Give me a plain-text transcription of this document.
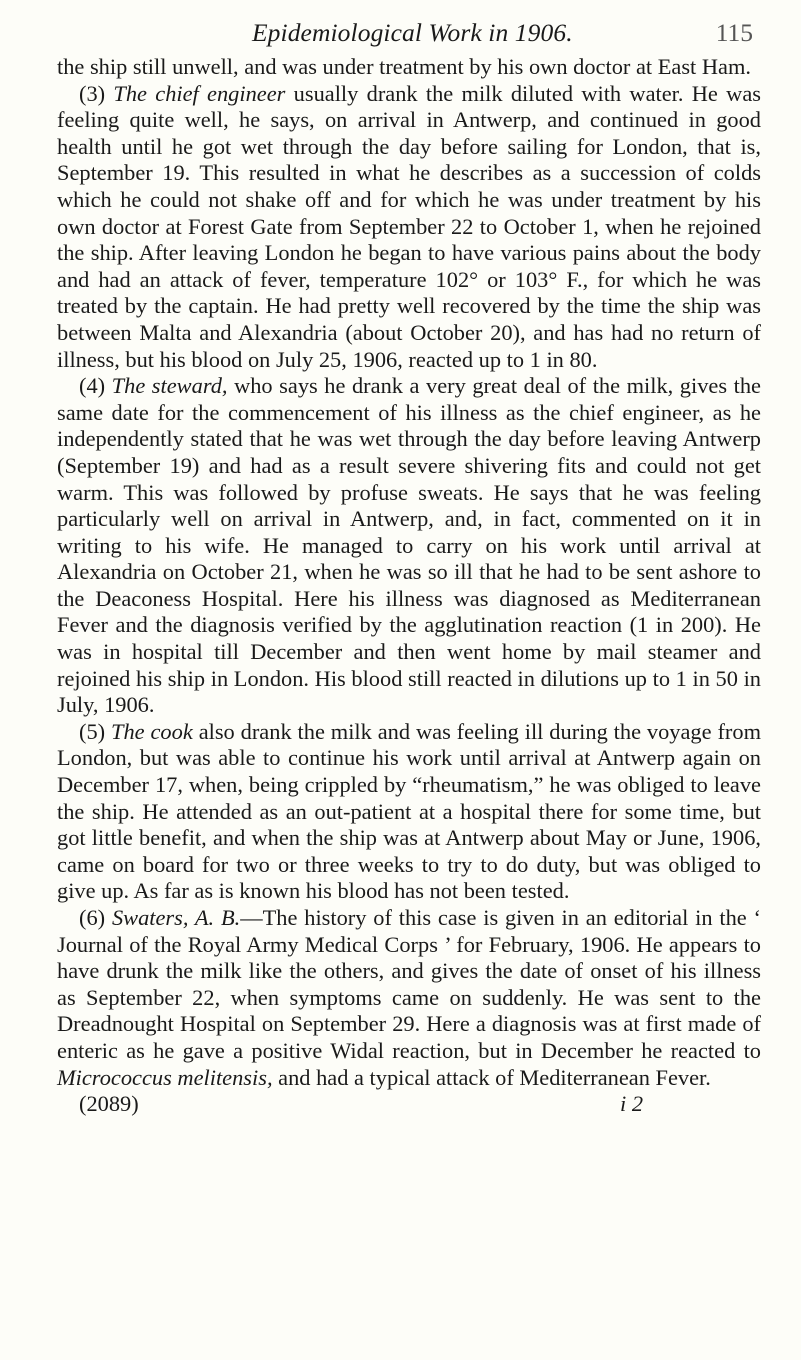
Epidemiological Work in 1906.	115

the ship still unwell, and was under treatment by his own doctor at East Ham.

(3) The chief engineer usually drank the milk diluted with water. He was feeling quite well, he says, on arrival in Antwerp, and continued in good health until he got wet through the day before sailing for London, that is, September 19. This resulted in what he describes as a succession of colds which he could not shake off and for which he was under treatment by his own doctor at Forest Gate from September 22 to October 1, when he rejoined the ship. After leaving London he began to have various pains about the body and had an attack of fever, temperature 102° or 103° F., for which he was treated by the captain. He had pretty well recovered by the time the ship was between Malta and Alexandria (about October 20), and has had no return of illness, but his blood on July 25, 1906, reacted up to 1 in 80.

(4) The steward, who says he drank a very great deal of the milk, gives the same date for the commencement of his illness as the chief engineer, as he independently stated that he was wet through the day before leaving Antwerp (September 19) and had as a result severe shivering fits and could not get warm. This was followed by profuse sweats. He says that he was feeling particularly well on arrival in Antwerp, and, in fact, commented on it in writing to his wife. He managed to carry on his work until arrival at Alexandria on October 21, when he was so ill that he had to be sent ashore to the Deaconess Hospital. Here his illness was diagnosed as Mediterranean Fever and the diagnosis verified by the agglutination reaction (1 in 200). He was in hospital till December and then went home by mail steamer and rejoined his ship in London. His blood still reacted in dilutions up to 1 in 50 in July, 1906.

(5) The cook also drank the milk and was feeling ill during the voyage from London, but was able to continue his work until arrival at Antwerp again on December 17, when, being crippled by “rheumatism,” he was obliged to leave the ship. He attended as an out-patient at a hospital there for some time, but got little benefit, and when the ship was at Antwerp about May or June, 1906, came on board for two or three weeks to try to do duty, but was obliged to give up. As far as is known his blood has not been tested.

(6) Swaters, A. B.—The history of this case is given in an editorial in the ‘ Journal of the Royal Army Medical Corps ’ for February, 1906. He appears to have drunk the milk like the others, and gives the date of onset of his illness as September 22, when symptoms came on suddenly. He was sent to the Dreadnought Hospital on September 29. Here a diagnosis was at first made of enteric as he gave a positive Widal reaction, but in December he reacted to Micrococcus melitensis, and had a typical attack of Mediterranean Fever.

(2089)	i 2
